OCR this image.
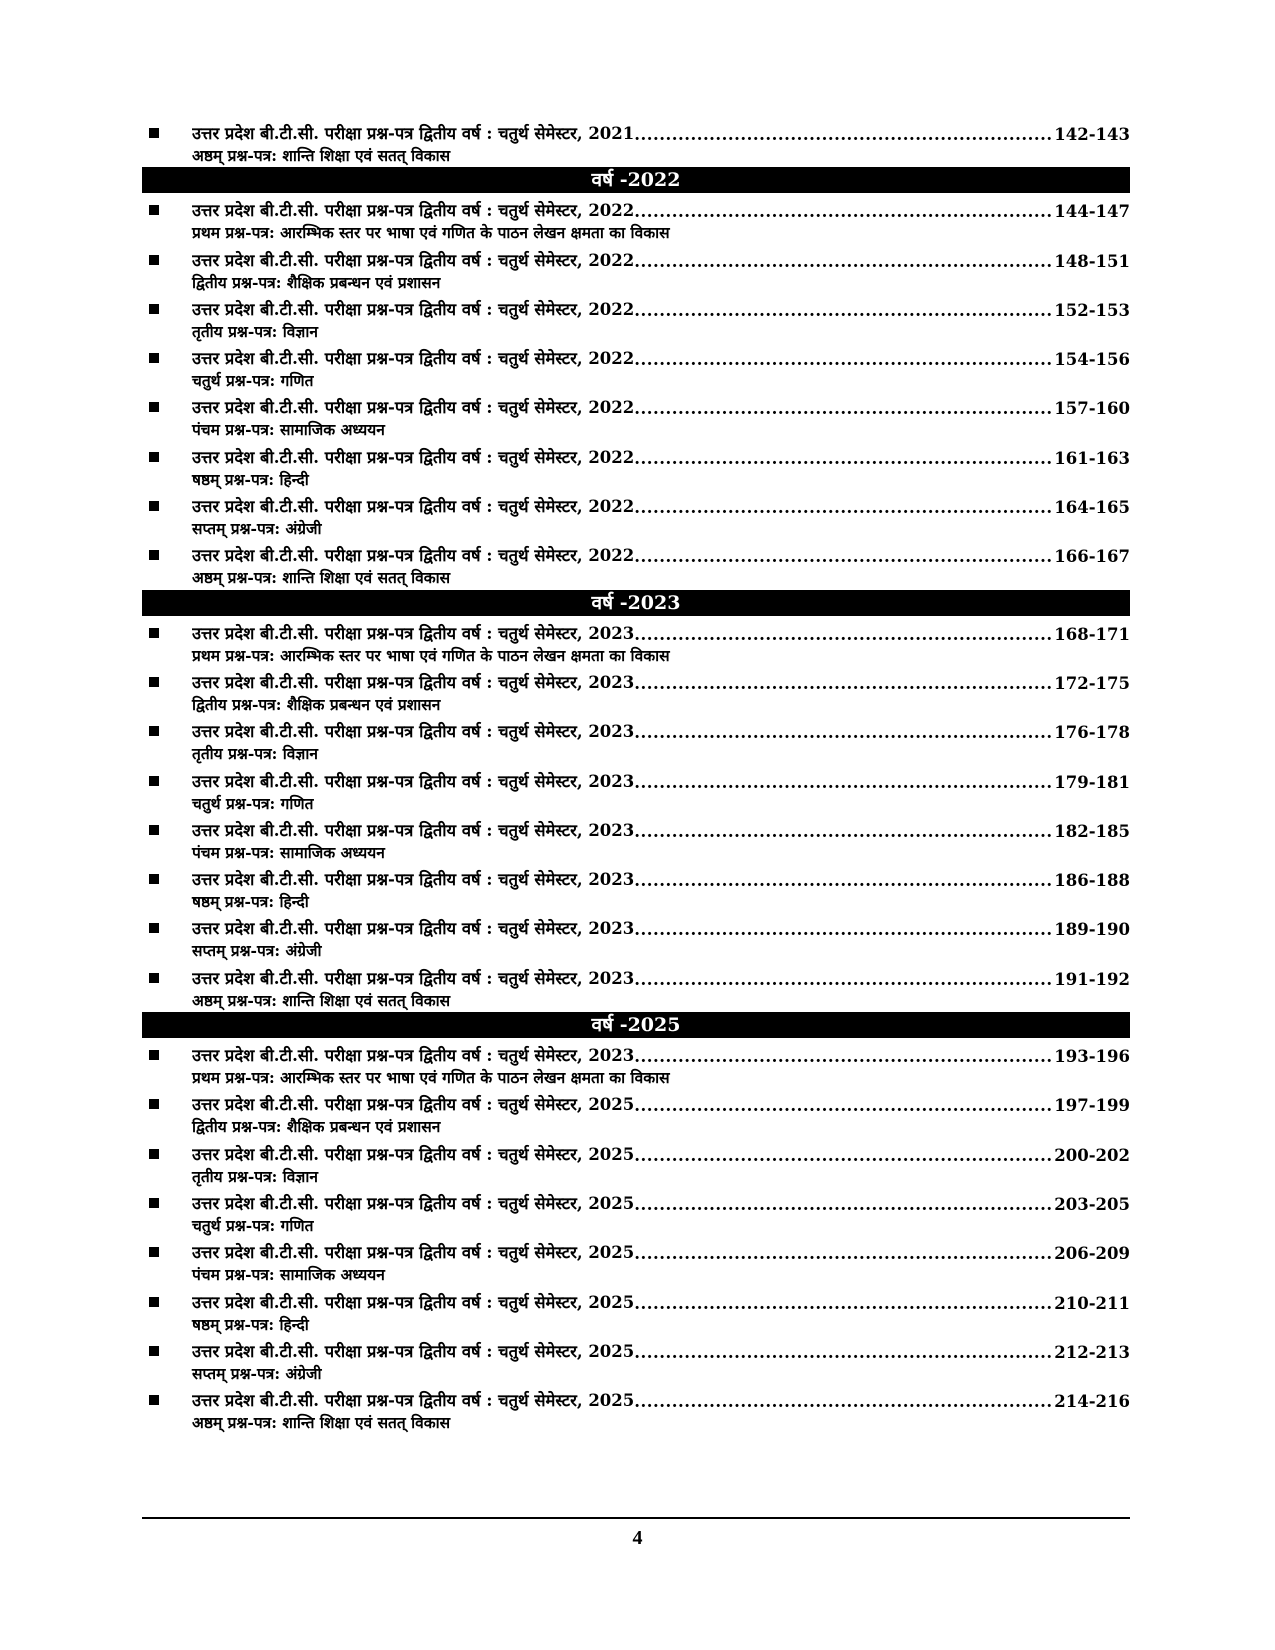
उत्तर प्रदेश बी.टी.सी. परीक्षा प्रश्न-पत्र द्वितीय वर्ष : चतुर्थ सेमेस्टर, 2021 .....	142-143
अष्ठम् प्रश्न-पत्र: शान्ति शिक्षा एवं सतत् विकास
वर्ष -2022
उत्तर प्रदेश बी.टी.सी. परीक्षा प्रश्न-पत्र द्वितीय वर्ष : चतुर्थ सेमेस्टर, 2022 .....	144-147
प्रथम प्रश्न-पत्र: आरम्भिक स्तर पर भाषा एवं गणित के पाठन लेखन क्षमता का विकास
उत्तर प्रदेश बी.टी.सी. परीक्षा प्रश्न-पत्र द्वितीय वर्ष : चतुर्थ सेमेस्टर, 2022 .....	148-151
द्वितीय प्रश्न-पत्र: शैक्षिक प्रबन्धन एवं प्रशासन
उत्तर प्रदेश बी.टी.सी. परीक्षा प्रश्न-पत्र द्वितीय वर्ष : चतुर्थ सेमेस्टर, 2022 .....	152-153
तृतीय प्रश्न-पत्र: विज्ञान
उत्तर प्रदेश बी.टी.सी. परीक्षा प्रश्न-पत्र द्वितीय वर्ष : चतुर्थ सेमेस्टर, 2022 .....	154-156
चतुर्थ प्रश्न-पत्र: गणित
उत्तर प्रदेश बी.टी.सी. परीक्षा प्रश्न-पत्र द्वितीय वर्ष : चतुर्थ सेमेस्टर, 2022 .....	157-160
पंचम प्रश्न-पत्र: सामाजिक अध्ययन
उत्तर प्रदेश बी.टी.सी. परीक्षा प्रश्न-पत्र द्वितीय वर्ष : चतुर्थ सेमेस्टर, 2022 .....	161-163
षष्ठम् प्रश्न-पत्र: हिन्दी
उत्तर प्रदेश बी.टी.सी. परीक्षा प्रश्न-पत्र द्वितीय वर्ष : चतुर्थ सेमेस्टर, 2022 .....	164-165
सप्तम् प्रश्न-पत्र: अंग्रेजी
उत्तर प्रदेश बी.टी.सी. परीक्षा प्रश्न-पत्र द्वितीय वर्ष : चतुर्थ सेमेस्टर, 2022 .....	166-167
अष्ठम् प्रश्न-पत्र: शान्ति शिक्षा एवं सतत् विकास
वर्ष -2023
उत्तर प्रदेश बी.टी.सी. परीक्षा प्रश्न-पत्र द्वितीय वर्ष : चतुर्थ सेमेस्टर, 2023 .....	168-171
प्रथम प्रश्न-पत्र: आरम्भिक स्तर पर भाषा एवं गणित के पाठन लेखन क्षमता का विकास
उत्तर प्रदेश बी.टी.सी. परीक्षा प्रश्न-पत्र द्वितीय वर्ष : चतुर्थ सेमेस्टर, 2023 .....	172-175
द्वितीय प्रश्न-पत्र: शैक्षिक प्रबन्धन एवं प्रशासन
उत्तर प्रदेश बी.टी.सी. परीक्षा प्रश्न-पत्र द्वितीय वर्ष : चतुर्थ सेमेस्टर, 2023 .....	176-178
तृतीय प्रश्न-पत्र: विज्ञान
उत्तर प्रदेश बी.टी.सी. परीक्षा प्रश्न-पत्र द्वितीय वर्ष : चतुर्थ सेमेस्टर, 2023 .....	179-181
चतुर्थ प्रश्न-पत्र: गणित
उत्तर प्रदेश बी.टी.सी. परीक्षा प्रश्न-पत्र द्वितीय वर्ष : चतुर्थ सेमेस्टर, 2023 .....	182-185
पंचम प्रश्न-पत्र: सामाजिक अध्ययन
उत्तर प्रदेश बी.टी.सी. परीक्षा प्रश्न-पत्र द्वितीय वर्ष : चतुर्थ सेमेस्टर, 2023 .....	186-188
षष्ठम् प्रश्न-पत्र: हिन्दी
उत्तर प्रदेश बी.टी.सी. परीक्षा प्रश्न-पत्र द्वितीय वर्ष : चतुर्थ सेमेस्टर, 2023 .....	189-190
सप्तम् प्रश्न-पत्र: अंग्रेजी
उत्तर प्रदेश बी.टी.सी. परीक्षा प्रश्न-पत्र द्वितीय वर्ष : चतुर्थ सेमेस्टर, 2023 .....	191-192
अष्ठम् प्रश्न-पत्र: शान्ति शिक्षा एवं सतत् विकास
वर्ष -2025
उत्तर प्रदेश बी.टी.सी. परीक्षा प्रश्न-पत्र द्वितीय वर्ष : चतुर्थ सेमेस्टर, 2023 .....	193-196
प्रथम प्रश्न-पत्र: आरम्भिक स्तर पर भाषा एवं गणित के पाठन लेखन क्षमता का विकास
उत्तर प्रदेश बी.टी.सी. परीक्षा प्रश्न-पत्र द्वितीय वर्ष : चतुर्थ सेमेस्टर, 2025 .....	197-199
द्वितीय प्रश्न-पत्र: शैक्षिक प्रबन्धन एवं प्रशासन
उत्तर प्रदेश बी.टी.सी. परीक्षा प्रश्न-पत्र द्वितीय वर्ष : चतुर्थ सेमेस्टर, 2025 .....	200-202
तृतीय प्रश्न-पत्र: विज्ञान
उत्तर प्रदेश बी.टी.सी. परीक्षा प्रश्न-पत्र द्वितीय वर्ष : चतुर्थ सेमेस्टर, 2025 .....	203-205
चतुर्थ प्रश्न-पत्र: गणित
उत्तर प्रदेश बी.टी.सी. परीक्षा प्रश्न-पत्र द्वितीय वर्ष : चतुर्थ सेमेस्टर, 2025 .....	206-209
पंचम प्रश्न-पत्र: सामाजिक अध्ययन
उत्तर प्रदेश बी.टी.सी. परीक्षा प्रश्न-पत्र द्वितीय वर्ष : चतुर्थ सेमेस्टर, 2025 .....	210-211
षष्ठम् प्रश्न-पत्र: हिन्दी
उत्तर प्रदेश बी.टी.सी. परीक्षा प्रश्न-पत्र द्वितीय वर्ष : चतुर्थ सेमेस्टर, 2025 .....	212-213
सप्तम् प्रश्न-पत्र: अंग्रेजी
उत्तर प्रदेश बी.टी.सी. परीक्षा प्रश्न-पत्र द्वितीय वर्ष : चतुर्थ सेमेस्टर, 2025 .....	214-216
अष्ठम् प्रश्न-पत्र: शान्ति शिक्षा एवं सतत् विकास
4
